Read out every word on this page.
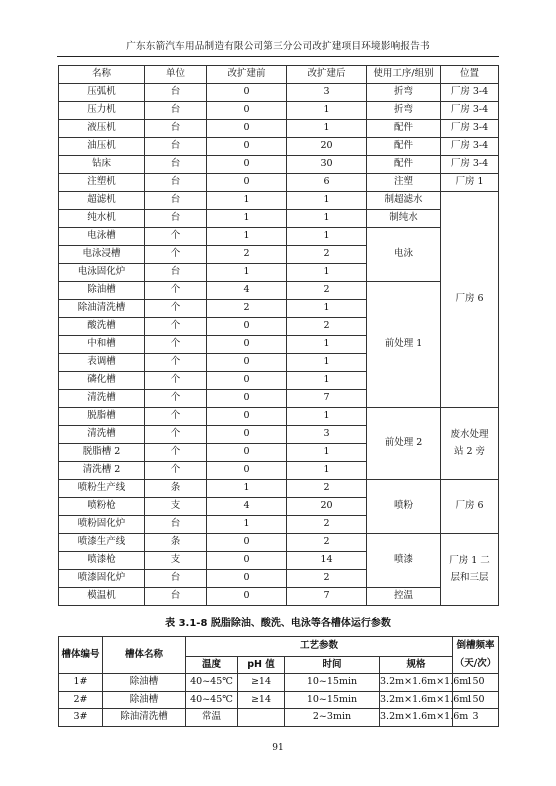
广东东箭汽车用品制造有限公司第三分公司改扩建项目环境影响报告书
名称	单位	改扩建前	改扩建后	使用工序/组别	位置
压弧机	台	0	3	折弯	厂房 3-4
压力机	台	0	1	折弯	厂房 3-4
液压机	台	0	1	配件	厂房 3-4
油压机	台	0	20	配件	厂房 3-4
钻床	台	0	30	配件	厂房 3-4
注塑机	台	0	6	注塑	厂房 1
超滤机	台	1	1	制超滤水	厂房 6
纯水机	台	1	1	制纯水	
电泳槽	个	1	1	电泳	
电泳浸槽	个	2	2		
电泳固化炉	台	1	1		
除油槽	个	4	2	前处理 1	
除油清洗槽	个	2	1		
酸洗槽	个	0	2		
中和槽	个	0	1		
表调槽	个	0	1		
磷化槽	个	0	1		
清洗槽	个	0	7		
脱脂槽	个	0	1	前处理 2	废水处理站 2 旁
清洗槽	个	0	3		
脱脂槽 2	个	0	1		
清洗槽 2	个	0	1		
喷粉生产线	条	1	2	喷粉	厂房 6
喷粉枪	支	4	20		
喷粉固化炉	台	1	2		
喷漆生产线	条	0	2	喷漆	厂房 1 二层和三层
喷漆枪	支	0	14		
喷漆固化炉	台	0	2		
模温机	台	0	7	控温	
表 3.1-8 脱脂除油、酸洗、电泳等各槽体运行参数
槽体编号	槽体名称	工艺参数				倒槽频率（天/次）
		温度	pH 值	时间	规格	
1#	除油槽	40~45℃	≥14	10~15min	3.2m×1.6m×1.6m	150
2#	除油槽	40~45℃	≥14	10~15min	3.2m×1.6m×1.6m	150
3#	除油清洗槽	常温		2~3min	3.2m×1.6m×1.6m	3
91
